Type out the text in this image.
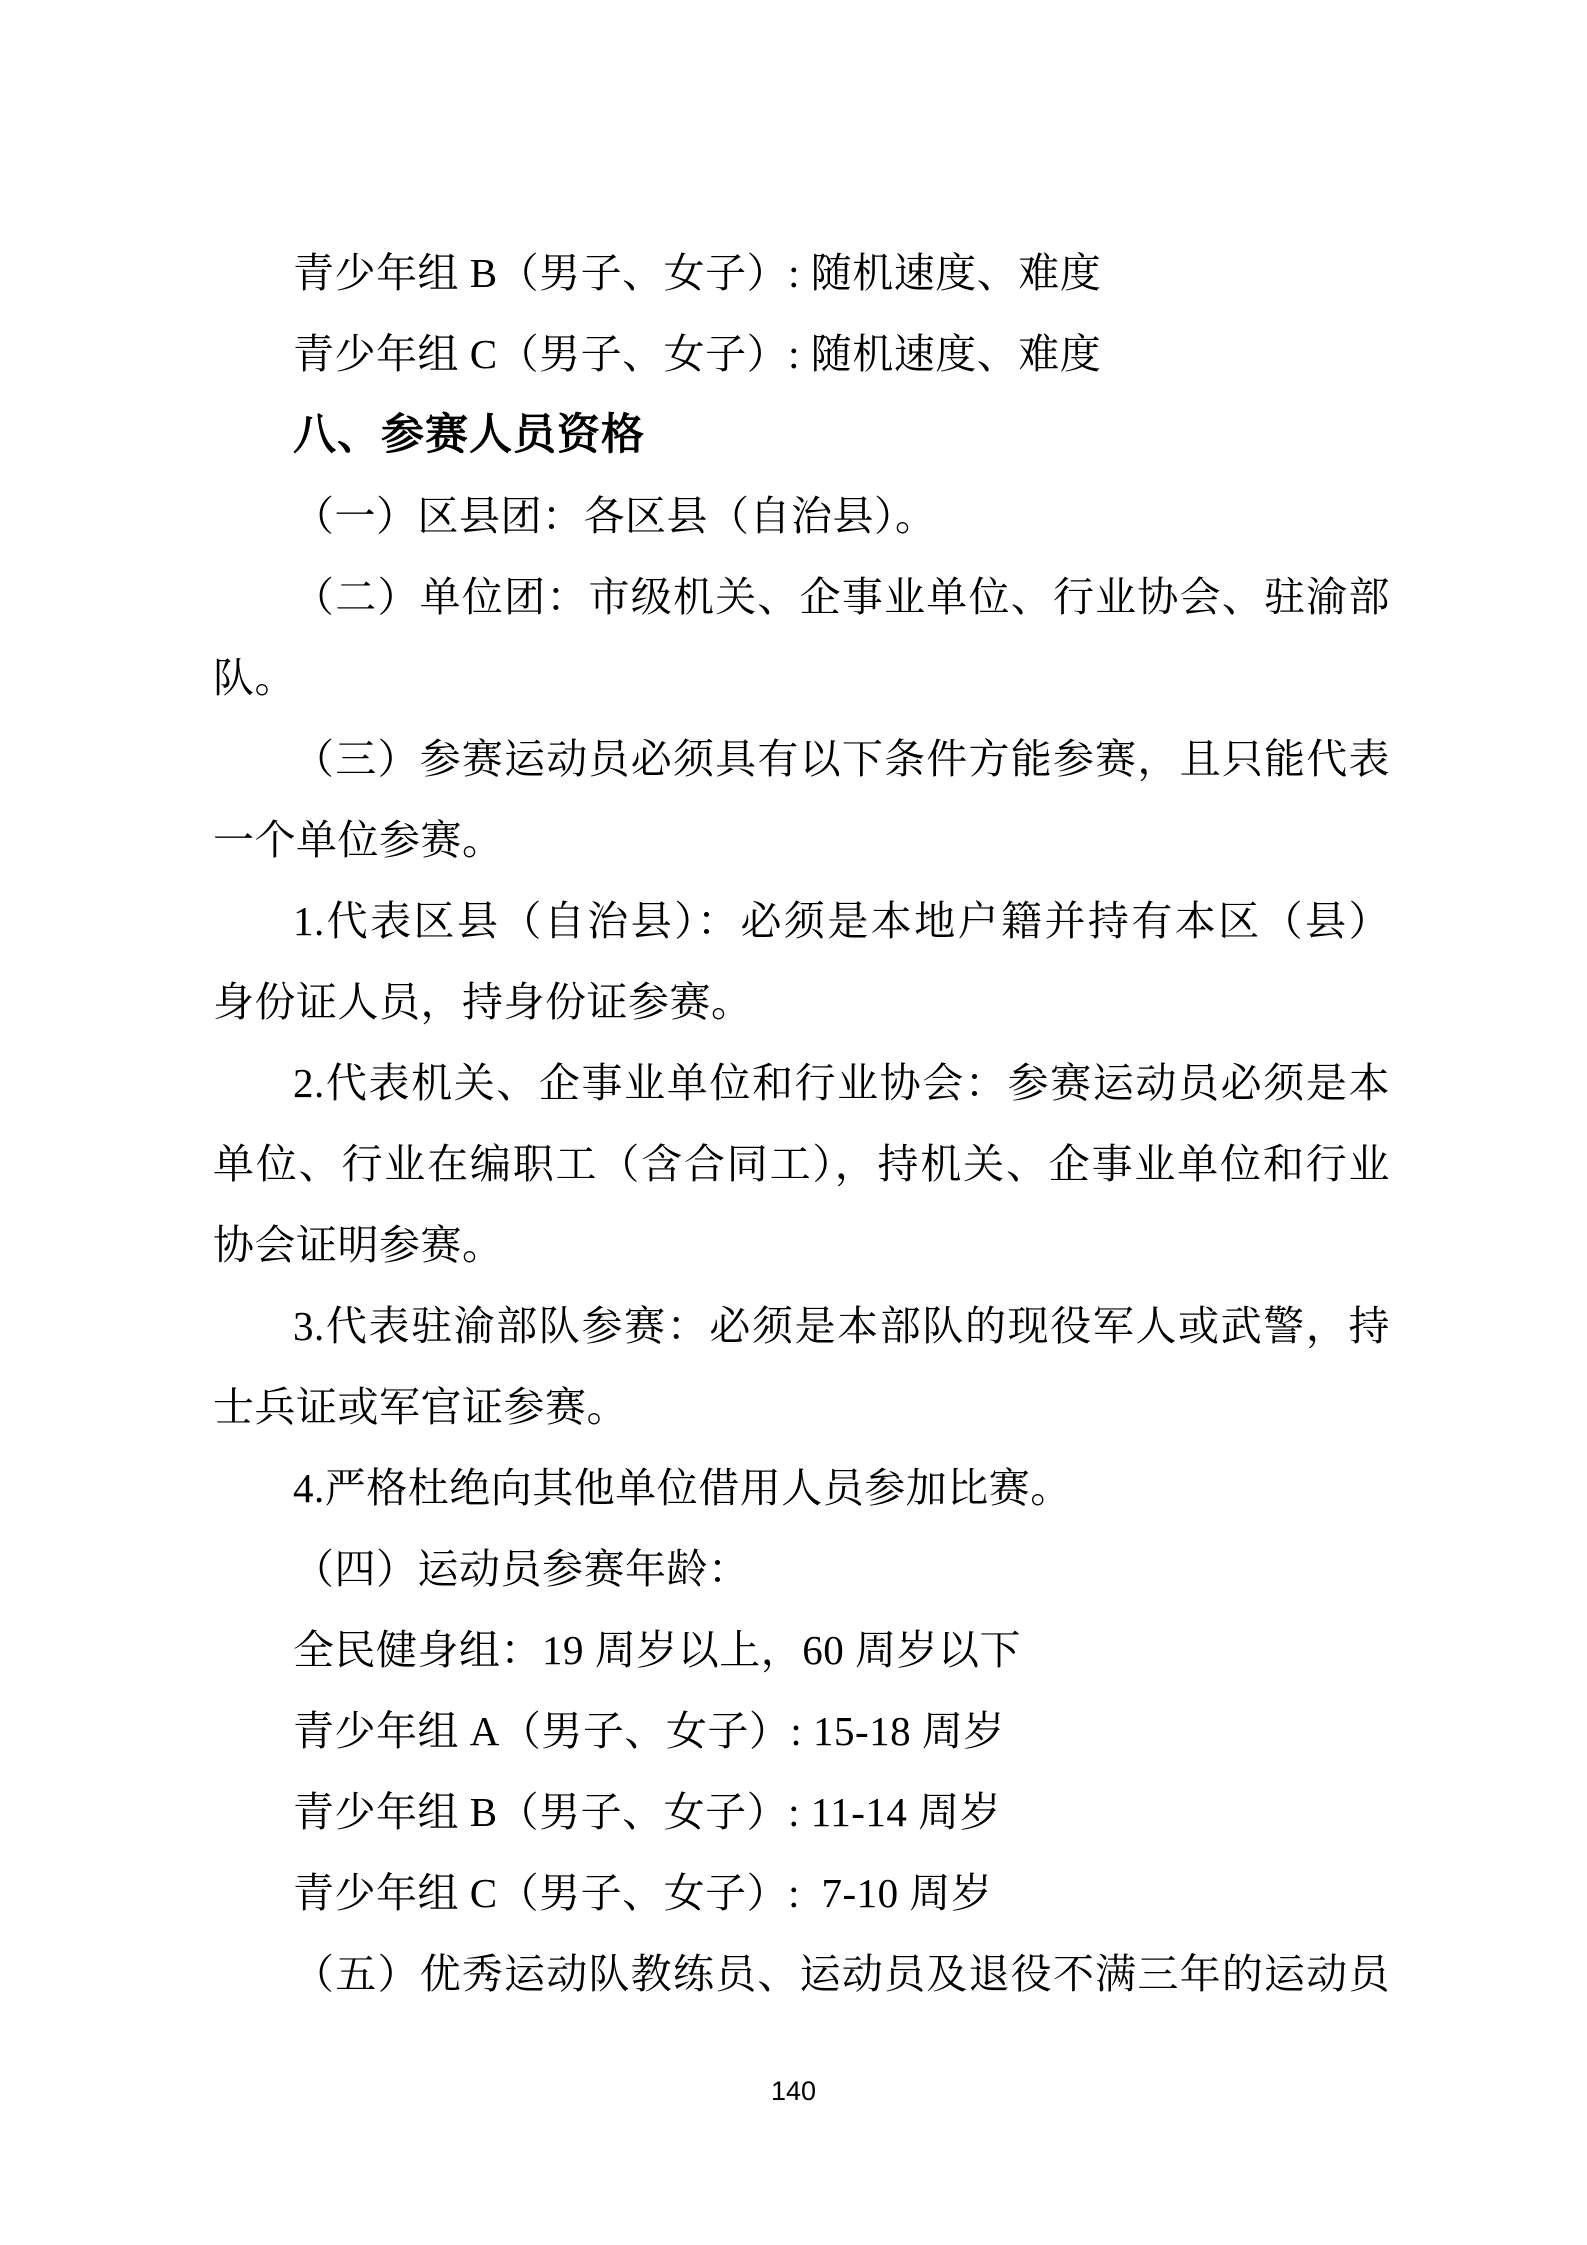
青少年组 B（男子、女子）: 随机速度、难度
青少年组 C（男子、女子）: 随机速度、难度
八、参赛人员资格
（一）区县团：各区县（自治县）。
（二）单位团：市级机关、企事业单位、行业协会、驻渝部
队。
（三）参赛运动员必须具有以下条件方能参赛，且只能代表
一个单位参赛。
1.代表区县（自治县）：必须是本地户籍并持有本区（县）
身份证人员，持身份证参赛。
2.代表机关、企事业单位和行业协会：参赛运动员必须是本
单位、行业在编职工（含合同工），持机关、企事业单位和行业
协会证明参赛。
3.代表驻渝部队参赛：必须是本部队的现役军人或武警，持
士兵证或军官证参赛。
4.严格杜绝向其他单位借用人员参加比赛。
（四）运动员参赛年龄：
全民健身组：19 周岁以上，60 周岁以下
青少年组 A（男子、女子）: 15-18 周岁
青少年组 B（男子、女子）: 11-14 周岁
青少年组 C（男子、女子）:  7-10 周岁
（五）优秀运动队教练员、运动员及退役不满三年的运动员
140
